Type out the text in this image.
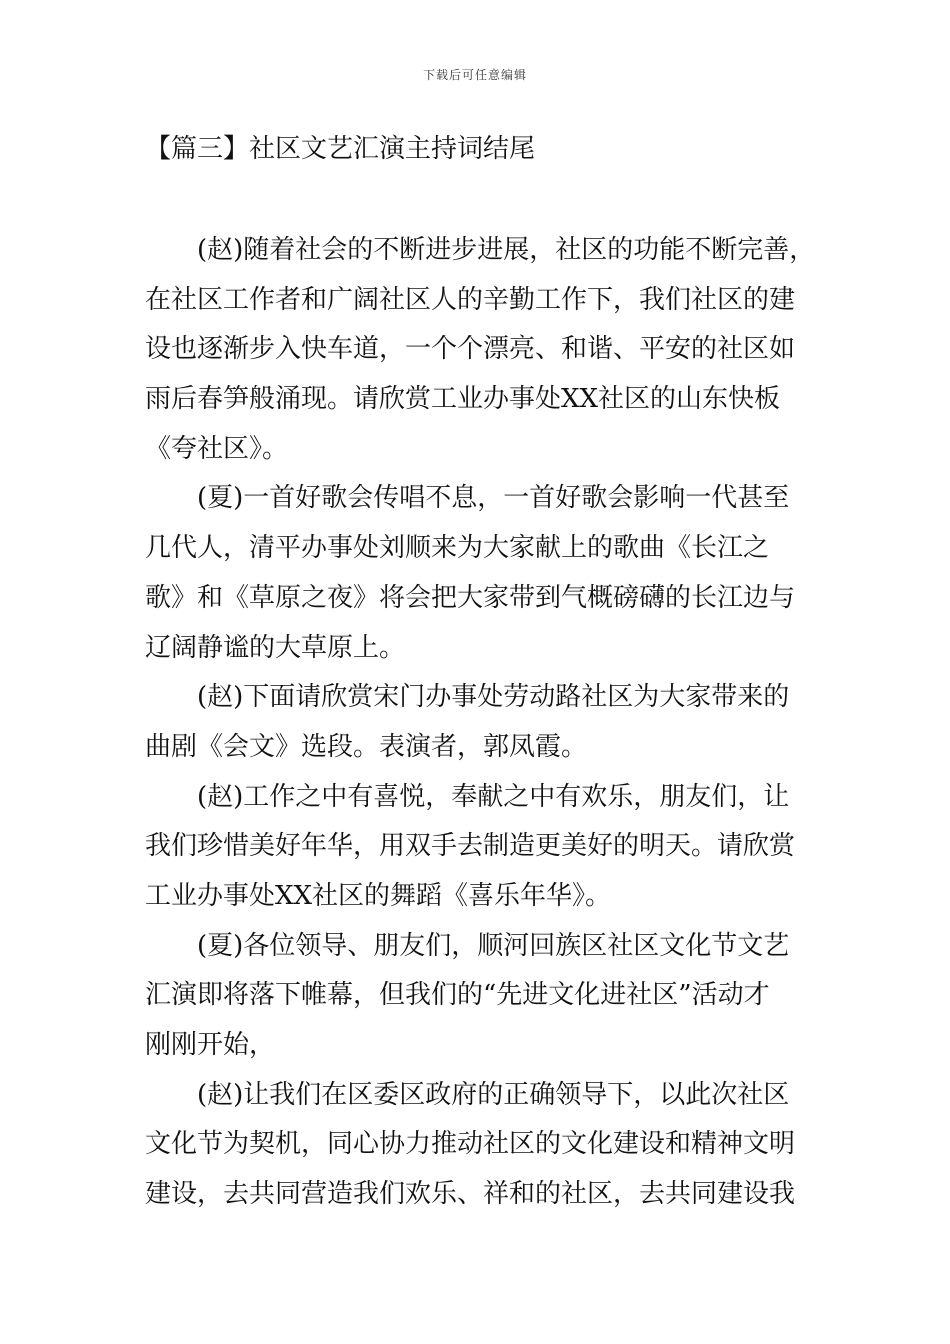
下载后可任意编辑
【篇三】社区文艺汇演主持词结尾
(赵)随着社会的不断进步进展，社区的功能不断完善，
在社区工作者和广阔社区人的辛勤工作下，我们社区的建
设也逐渐步入快车道，一个个漂亮、和谐、平安的社区如
雨后春笋般涌现。请欣赏工业办事处XX社区的山东快板
《夸社区》。
(夏)一首好歌会传唱不息，一首好歌会影响一代甚至
几代人，清平办事处刘顺来为大家献上的歌曲《长江之
歌》和《草原之夜》将会把大家带到气概磅礴的长江边与
辽阔静谧的大草原上。
(赵)下面请欣赏宋门办事处劳动路社区为大家带来的
曲剧《会文》选段。表演者，郭凤霞。
(赵)工作之中有喜悦，奉献之中有欢乐，朋友们，让
我们珍惜美好年华，用双手去制造更美好的明天。请欣赏
工业办事处XX社区的舞蹈《喜乐年华》。
(夏)各位领导、朋友们，顺河回族区社区文化节文艺
汇演即将落下帷幕，但我们的“先进文化进社区”活动才
刚刚开始，
(赵)让我们在区委区政府的正确领导下，以此次社区
文化节为契机，同心协力推动社区的文化建设和精神文明
建设，去共同营造我们欢乐、祥和的社区，去共同建设我
